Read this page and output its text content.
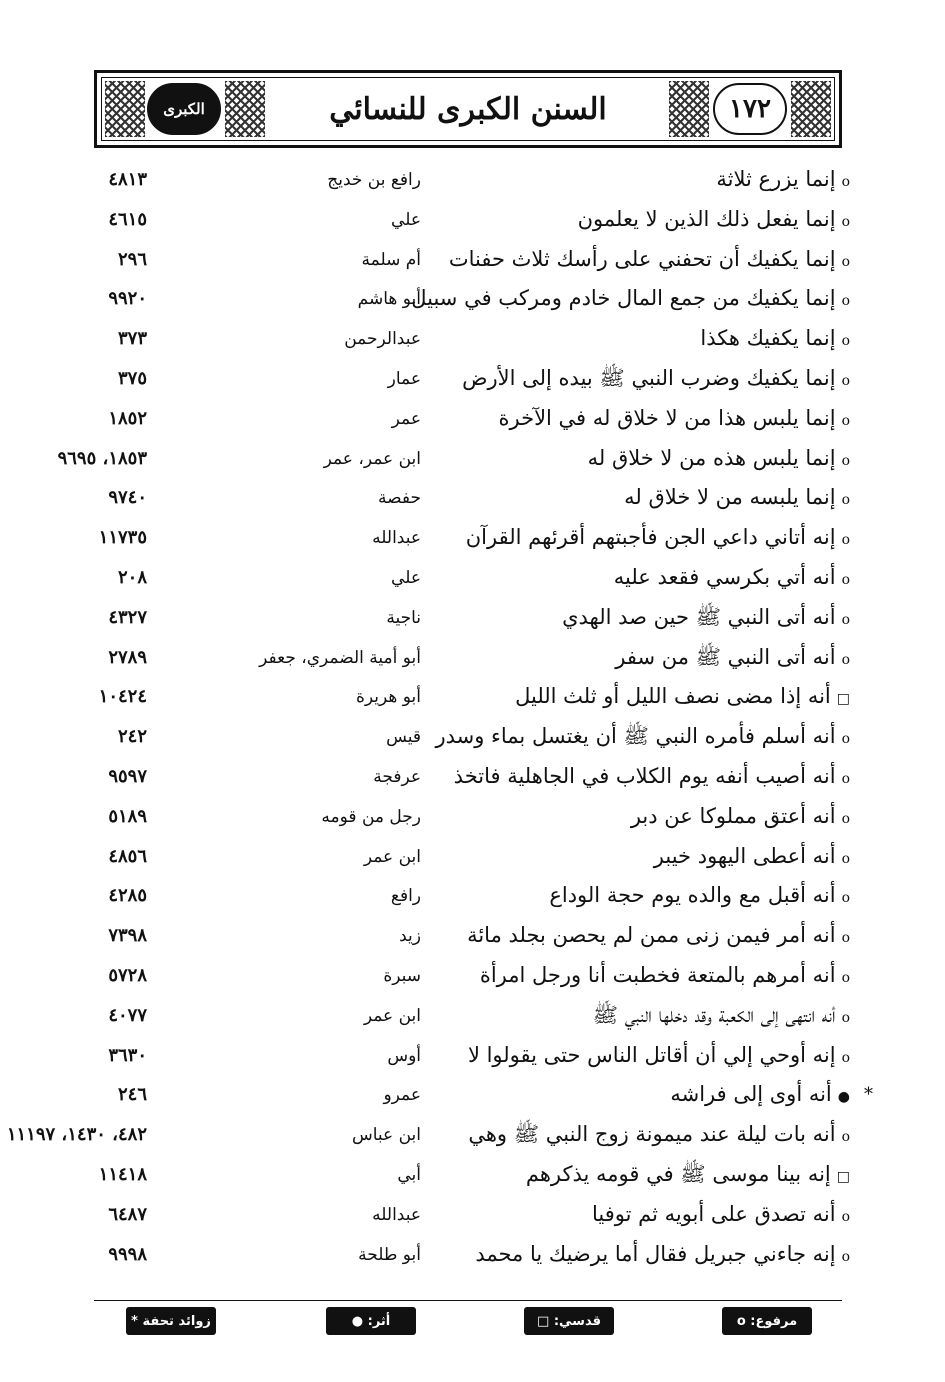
١٧٢
السنن الكبرى للنسائي
الكبرى
oإنما يزرع ثلاثة
رافع بن خديج
٤٨١٣
oإنما يفعل ذلك الذين لا يعلمون
علي
٤٦١٥
oإنما يكفيك أن تحفني على رأسك ثلاث حفنات
أم سلمة
٢٩٦
oإنما يكفيك من جمع المال خادم ومركب في سبيل
أبو هاشم
٩٩٢٠
oإنما يكفيك هكذا
عبدالرحمن
٣٧٣
oإنما يكفيك وضرب النبي ﷺ بيده إلى الأرض
عمار
٣٧٥
oإنما يلبس هذا من لا خلاق له في الآخرة
عمر
١٨٥٢
oإنما يلبس هذه من لا خلاق له
ابن عمر، عمر
١٨٥٣، ٩٦٩٥
oإنما يلبسه من لا خلاق له
حفصة
٩٧٤٠
oإنه أتاني داعي الجن فأجبتهم أقرئهم القرآن
عبدالله
١١٧٣٥
oأنه أتي بكرسي فقعد عليه
علي
٢٠٨
oأنه أتى النبي ﷺ حين صد الهدي
ناجية
٤٣٢٧
oأنه أتى النبي ﷺ من سفر
أبو أمية الضمري، جعفر
٢٧٨٩
□أنه إذا مضى نصف الليل أو ثلث الليل
أبو هريرة
١٠٤٢٤
oأنه أسلم فأمره النبي ﷺ أن يغتسل بماء وسدر
قيس
٢٤٢
oأنه أصيب أنفه يوم الكلاب في الجاهلية فاتخذ
عرفجة
٩٥٩٧
oأنه أعتق مملوكا عن دبر
رجل من قومه
٥١٨٩
oأنه أعطى اليهود خيبر
ابن عمر
٤٨٥٦
oأنه أقبل مع والده يوم حجة الوداع
رافع
٤٢٨٥
oأنه أمر فيمن زنى ممن لم يحصن بجلد مائة
زيد
٧٣٩٨
oأنه أمرهم بالمتعة فخطبت أنا ورجل امرأة
سبرة
٥٧٢٨
oأنه انتهى إلى الكعبة وقد دخلها النبي ﷺ
ابن عمر
٤٠٧٧
oإنه أوحي إلي أن أقاتل الناس حتى يقولوا لا
أوس
٣٦٣٠
*
●أنه أوى إلى فراشه
عمرو
٢٤٦
oأنه بات ليلة عند ميمونة زوج النبي ﷺ وهي
ابن عباس
٤٨٢، ١٤٣٠، ١١١٩٧
□إنه بينا موسى ﷺ في قومه يذكرهم
أبي
١١٤١٨
oأنه تصدق على أبويه ثم توفيا
عبدالله
٦٤٨٧
oإنه جاءني جبريل فقال أما يرضيك يا محمد
أبو طلحة
٩٩٩٨
مرفوع: o
قدسي: □
أثر: ●
زوائد تحفة *
